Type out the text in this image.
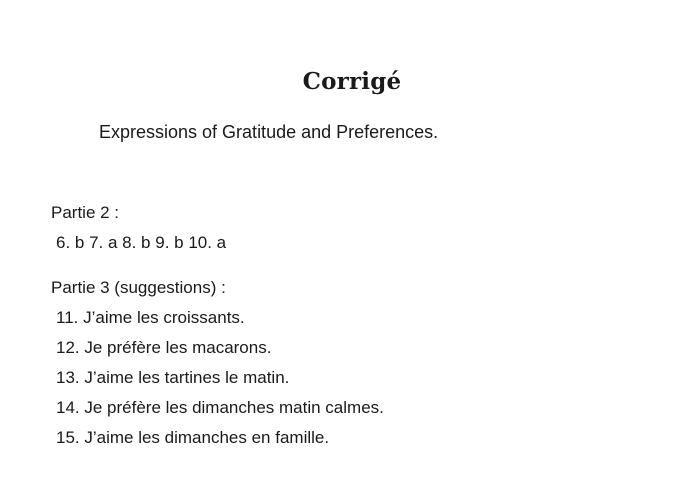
Corrigé
Expressions of Gratitude and Preferences.
Partie 2 :
6. b 7. a 8. b 9. b 10. a
Partie 3 (suggestions) :
11. J’aime les croissants.
12. Je préfère les macarons.
13. J’aime les tartines le matin.
14. Je préfère les dimanches matin calmes.
15. J’aime les dimanches en famille.
